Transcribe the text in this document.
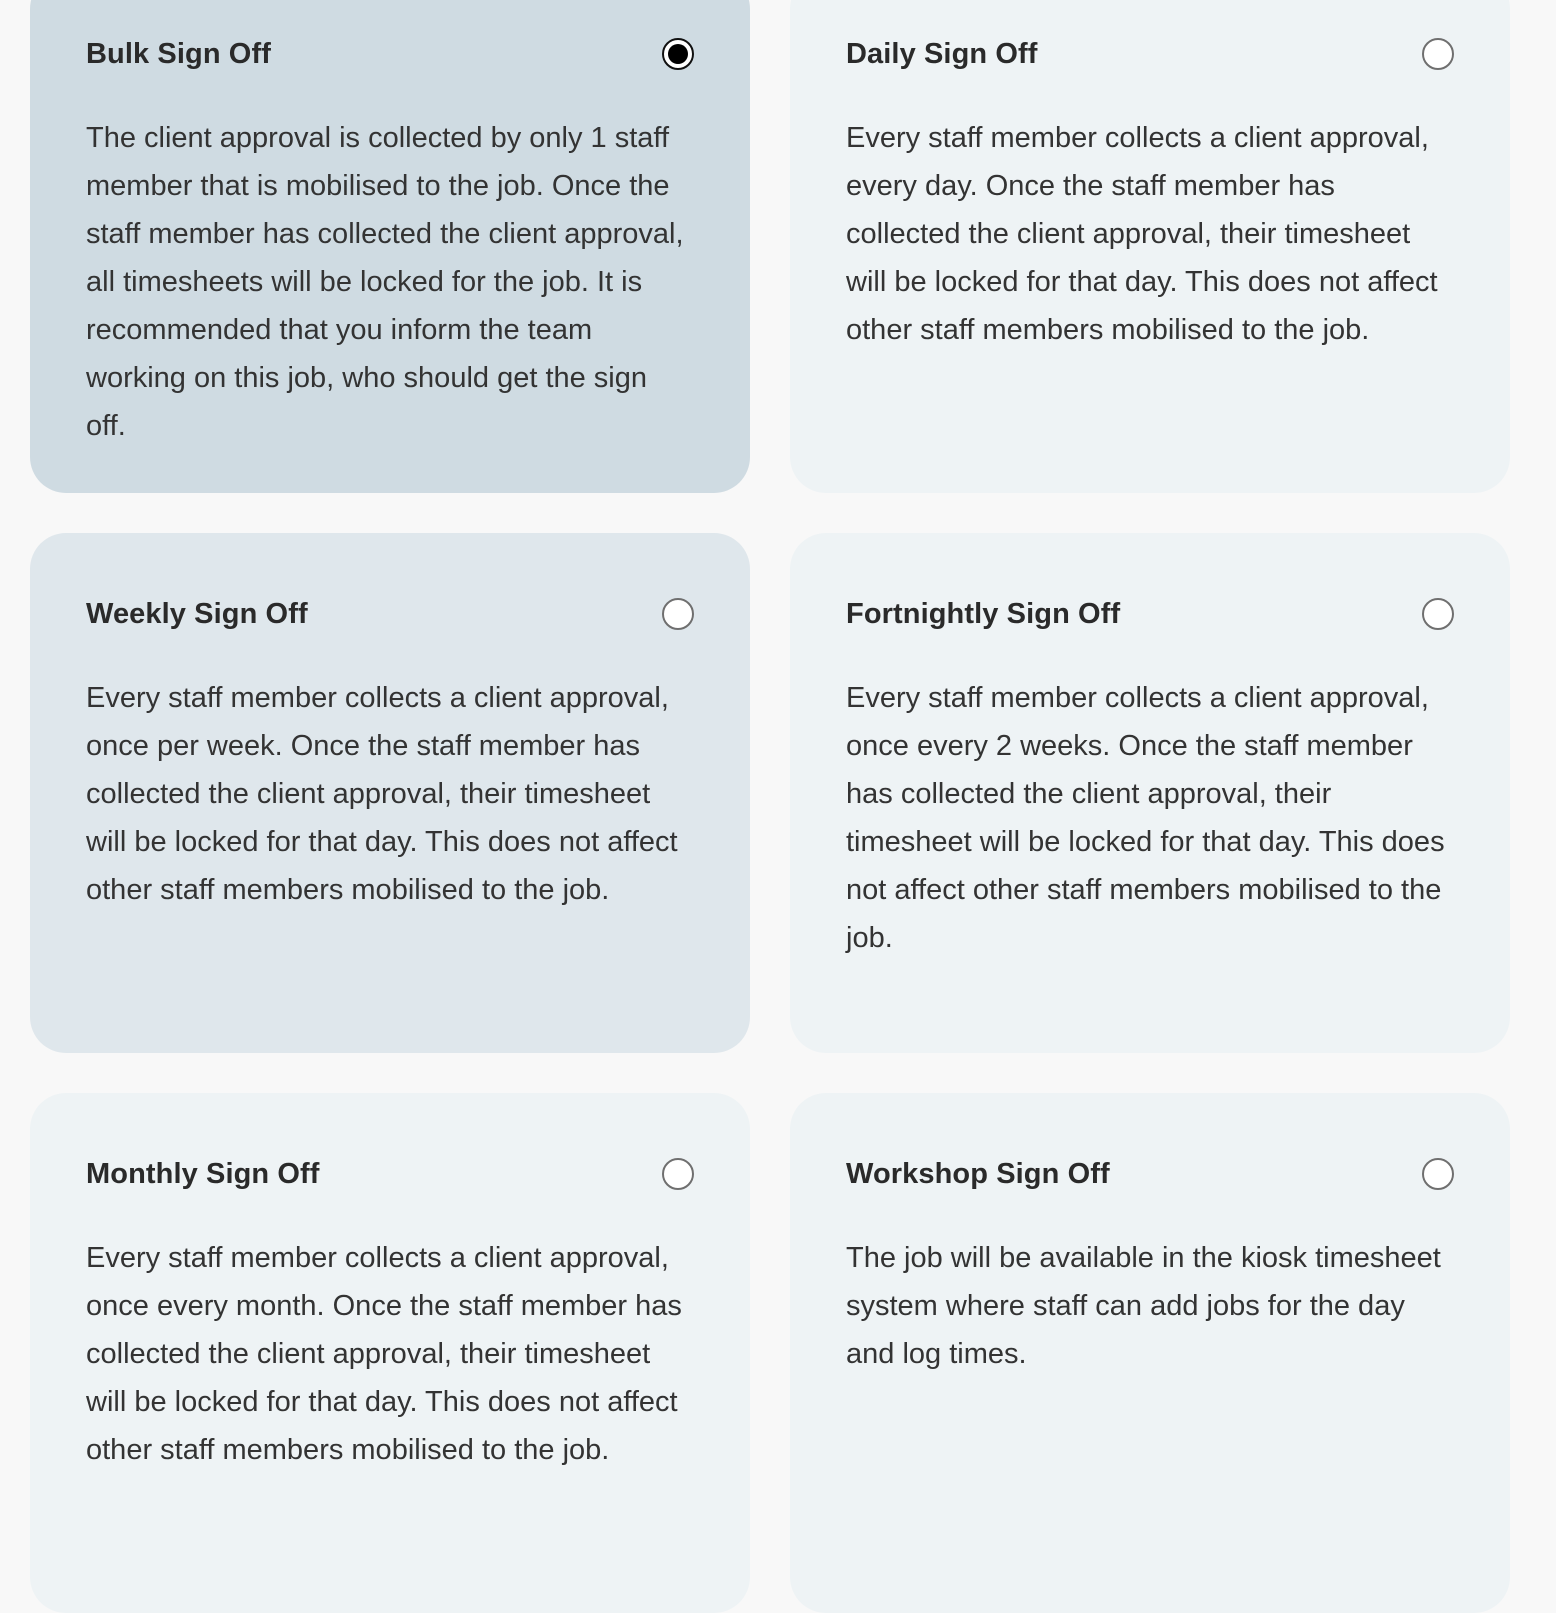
Bulk Sign Off
The client approval is collected by only 1 staff member that is mobilised to the job. Once the staff member has collected the client approval, all timesheets will be locked for the job. It is recommended that you inform the team working on this job, who should get the sign off.
Daily Sign Off
Every staff member collects a client approval, every day. Once the staff member has collected the client approval, their timesheet will be locked for that day. This does not affect other staff members mobilised to the job.
Weekly Sign Off
Every staff member collects a client approval, once per week. Once the staff member has collected the client approval, their timesheet will be locked for that day. This does not affect other staff members mobilised to the job.
Fortnightly Sign Off
Every staff member collects a client approval, once every 2 weeks. Once the staff member has collected the client approval, their timesheet will be locked for that day. This does not affect other staff members mobilised to the job.
Monthly Sign Off
Every staff member collects a client approval, once every month. Once the staff member has collected the client approval, their timesheet will be locked for that day. This does not affect other staff members mobilised to the job.
Workshop Sign Off
The job will be available in the kiosk timesheet system where staff can add jobs for the day and log times.
